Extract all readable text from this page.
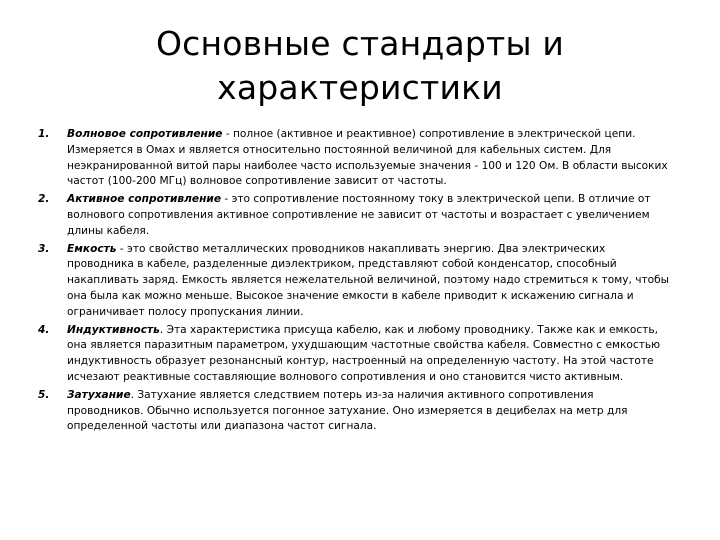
Основные стандарты и
характеристики
1. Волновое сопротивление - полное (активное и реактивное) сопротивление в электрической цепи. Измеряется в Омах и является относительно постоянной величиной для кабельных систем. Для неэкранированной витой пары наиболее часто используемые значения - 100 и 120 Ом. В области высоких частот (100-200 МГц) волновое сопротивление зависит от частоты.
2. Активное сопротивление - это сопротивление постоянному току в электрической цепи. В отличие от волнового сопротивления активное сопротивление не зависит от частоты и возрастает с увеличением длины кабеля.
3. Емкость - это свойство металлических проводников накапливать энергию. Два электрических проводника в кабеле, разделенные диэлектриком, представляют собой конденсатор, способный накапливать заряд. Емкость является нежелательной величиной, поэтому надо стремиться к тому, чтобы она была как можно меньше. Высокое значение емкости в кабеле приводит к искажению сигнала и ограничивает полосу пропускания линии.
4. Индуктивность. Эта характеристика присуща кабелю, как и любому проводнику. Также как и емкость, она является паразитным параметром, ухудшающим частотные свойства кабеля. Совместно с емкостью индуктивность образует резонансный контур, настроенный на определенную частоту. На этой частоте исчезают реактивные составляющие волнового сопротивления и оно становится чисто активным.
5. Затухание. Затухание является следствием потерь из-за наличия активного сопротивления проводников. Обычно используется погонное затухание. Оно измеряется в децибелах на метр для определенной частоты или диапазона частот сигнала.
